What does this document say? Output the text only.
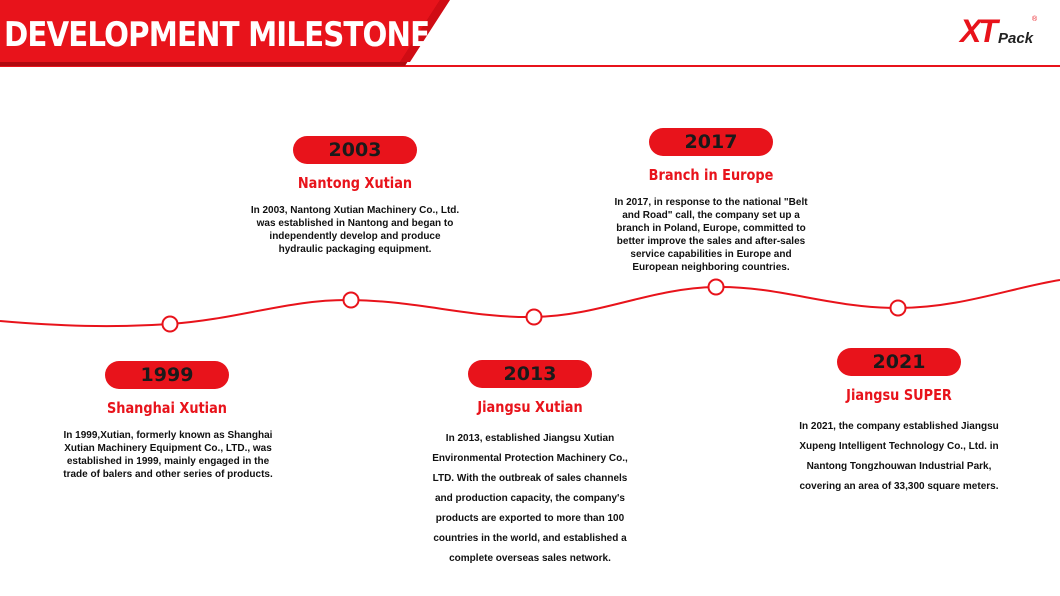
DEVELOPMENT MILESTONE	XT Pack
®
1999
Shanghai Xutian
In 1999,Xutian, formerly known as Shanghai Xutian Machinery Equipment Co., LTD., was established in 1999, mainly engaged in the trade of balers and other series of products.
2003
Nantong Xutian
In 2003, Nantong Xutian Machinery Co., Ltd. was established in Nantong and began to independently develop and produce hydraulic packaging equipment.
2013
Jiangsu Xutian
In 2013, established Jiangsu Xutian Environmental Protection Machinery Co., LTD. With the outbreak of sales channels and production capacity, the company's products are exported to more than 100 countries in the world, and established a complete overseas sales network.
2017
Branch in Europe
In 2017, in response to the national "Belt and Road" call, the company set up a branch in Poland, Europe, committed to better improve the sales and after-sales service capabilities in Europe and European neighboring countries.
2021
Jiangsu SUPER
In 2021, the company established Jiangsu Xupeng Intelligent Technology Co., Ltd. in Nantong Tongzhouwan Industrial Park, covering an area of 33,300 square meters.
